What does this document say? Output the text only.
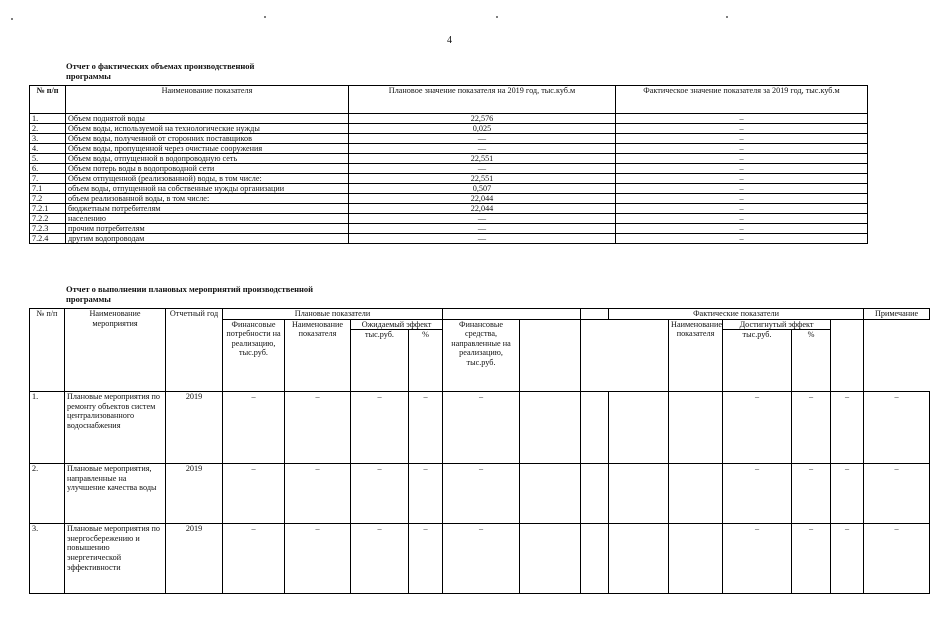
4
Отчет о фактических объемах производственной
программы
№ п/п	Наименование показателя	Плановое значение показателя на 2019 год, тыс.куб.м	Фактическое значение показателя за 2019 год, тыс.куб.м
1.	Объем поднятой воды	22,576	–
2.	Объем воды, используемой на технологические нужды	0,025	–
3.	Объем воды, полученной от сторонних поставщиков	—	–
4.	Объем воды, пропущенной через очистные сооружения	—	–
5.	Объем воды, отпущенной в водопроводную сеть	22,551	–
6.	Объем потерь воды в водопроводной сети	—	–
7.	Объем отпущенной (реализованной) воды, в том числе:	22,551	–
7.1	объем воды, отпущенной на собственные нужды организации	0,507	–
7.2	объем реализованной воды, в том числе:	22,044	–
7.2.1	бюджетным потребителям	22,044	–
7.2.2	населению	—	–
7.2.3	прочим потребителям	—	–
7.2.4	другим водопроводам	—	–
Отчет о выполнении плановых мероприятий производственной
программы
№ п/п	Наименование мероприятия	Отчетный год	Плановые показатели							Фактические показатели					Примечание
			Финансовые потребности на реализацию, тыс.руб.	Наименование показателя	Ожидаемый эффект		Финансовые средства, направленные на реализацию, тыс.руб.				Наименование показателя	Достигнутый эффект			
					тыс.руб.	%						тыс.руб.	%		
1.	Плановые мероприятия по ремонту объектов систем централизованного водоснабжения	2019	–	–	–	–	–					–	–	–	–
2.	Плановые мероприятия, направленные на улучшение качества воды	2019	–	–	–	–	–					–	–	–	–
3.	Плановые мероприятия по энергосбережению и повышению энергетической эффективности	2019	–	–	–	–	–					–	–	–	–
